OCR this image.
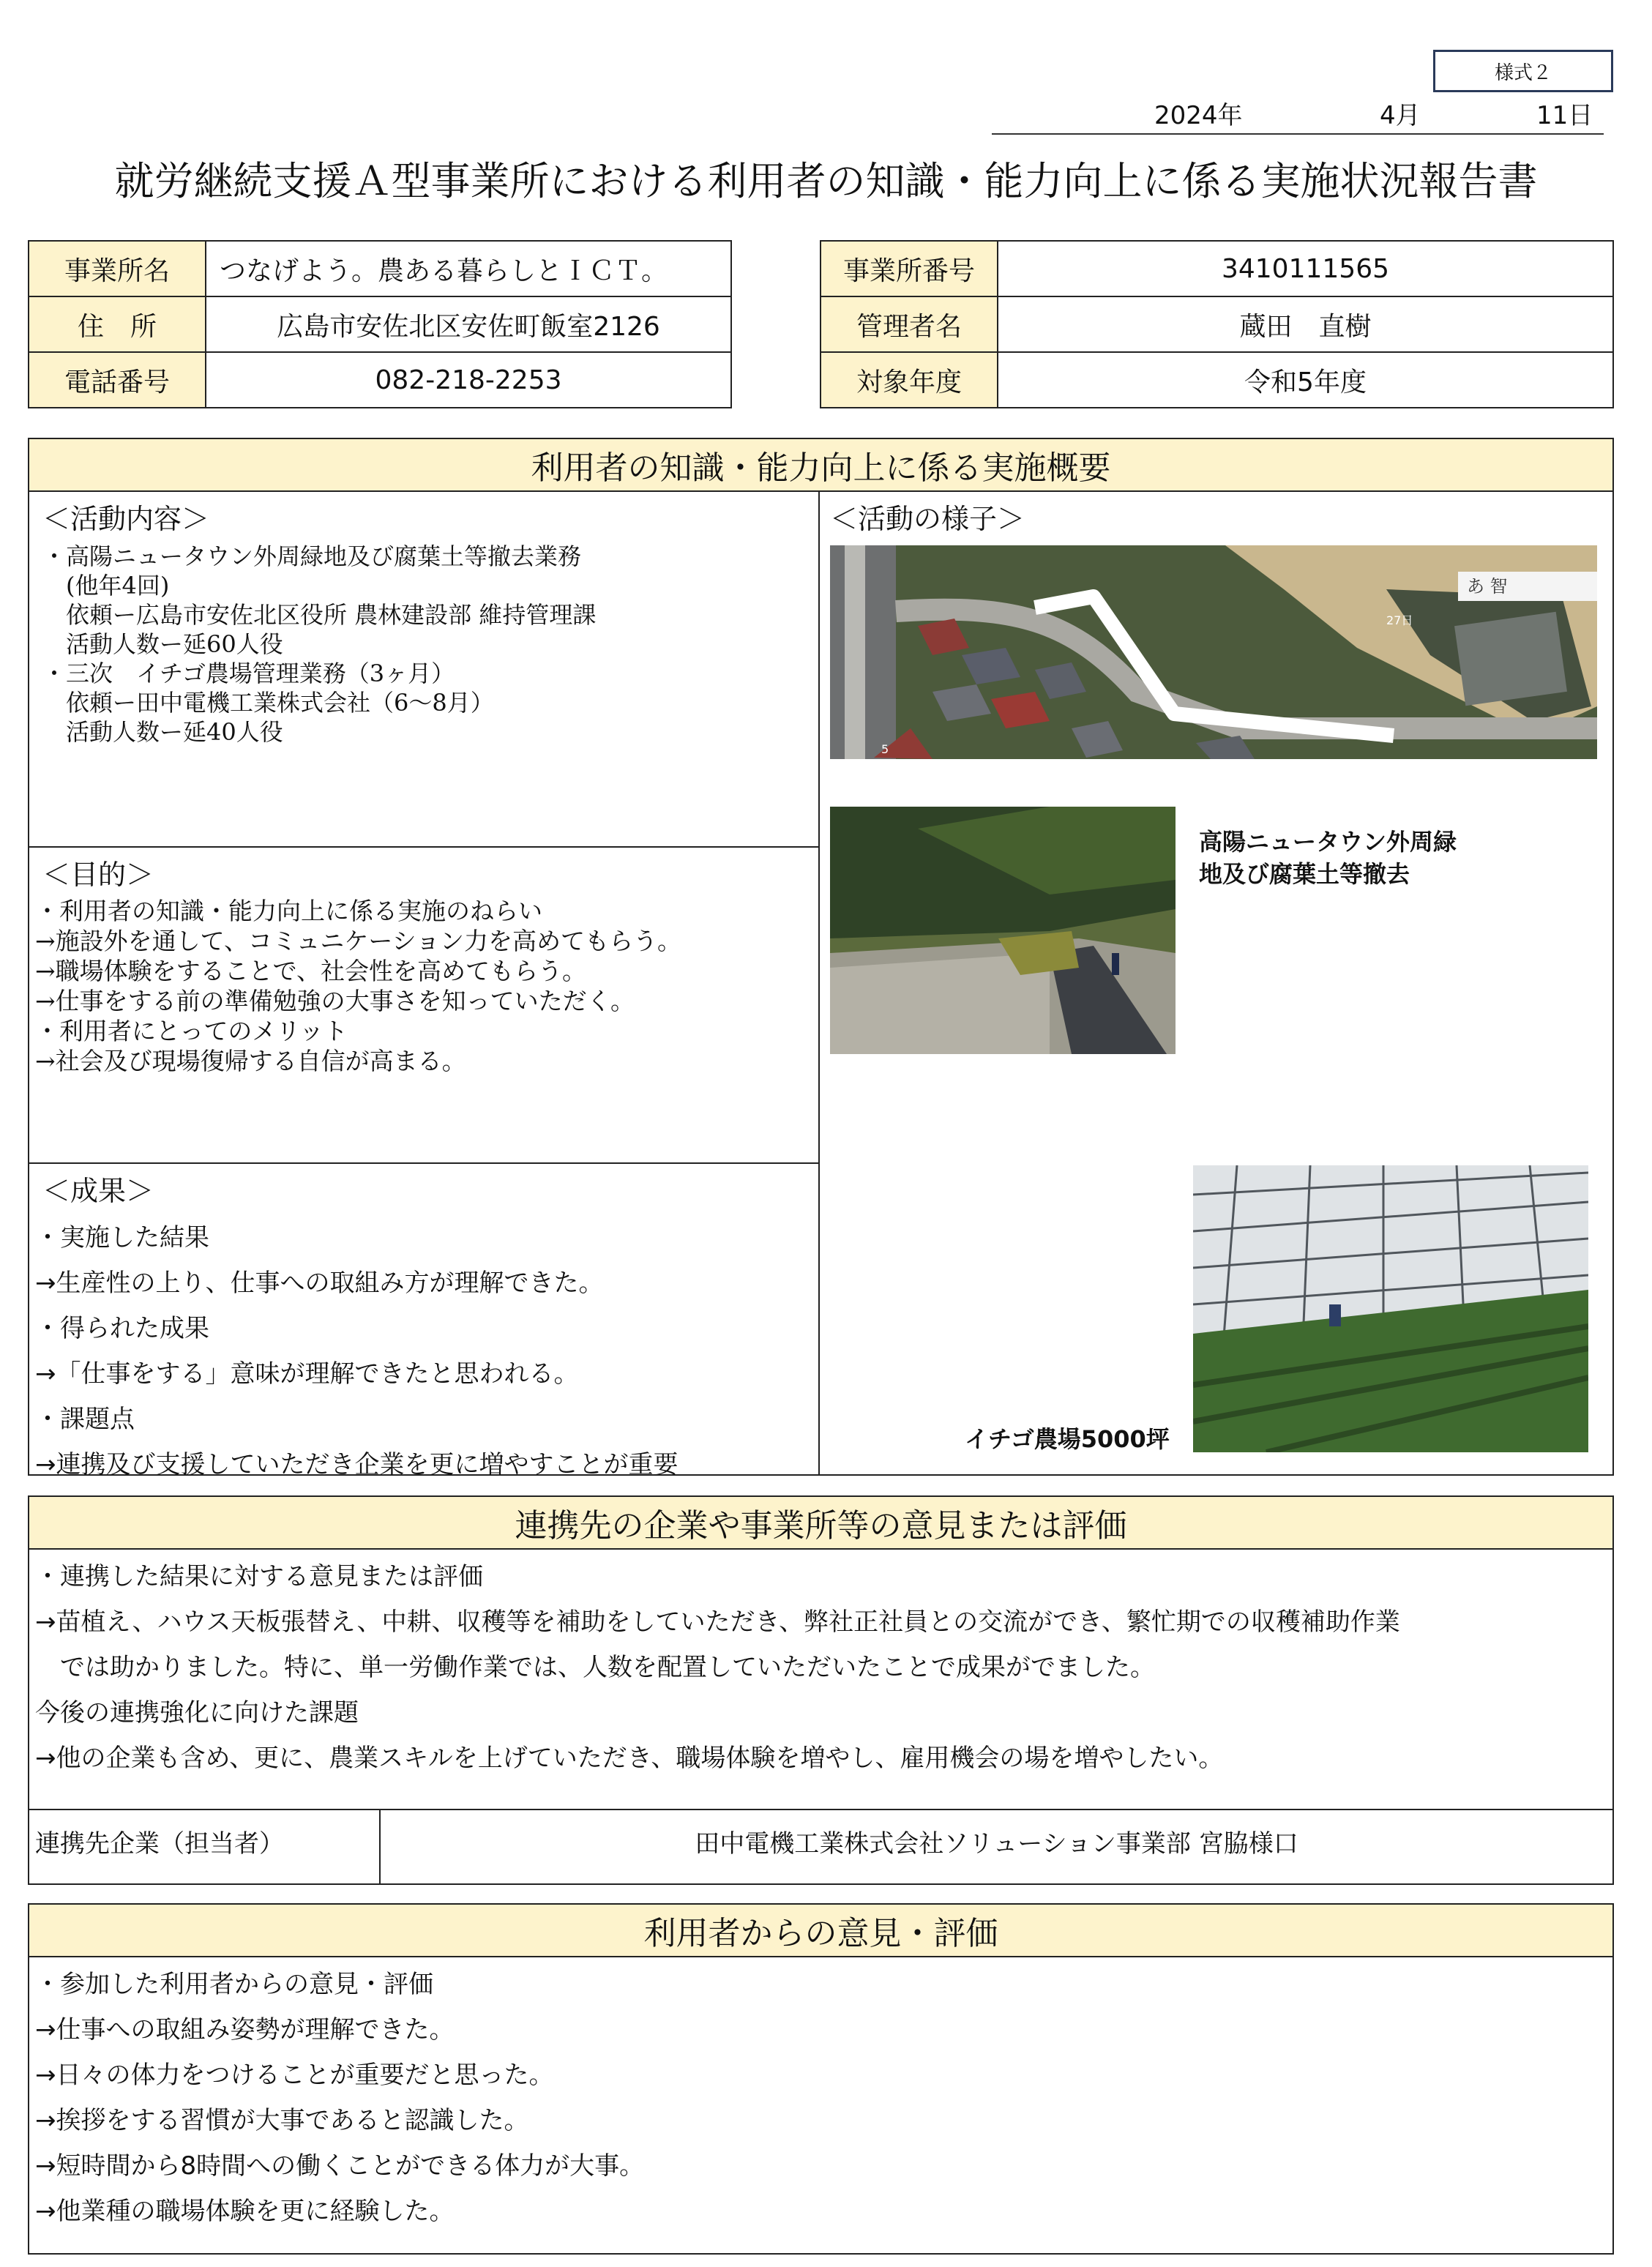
様式２
2024年	4月	11日
就労継続支援Ａ型事業所における利用者の知識・能力向上に係る実施状況報告書
事業所名	つなげよう。農ある暮らしとＩＣＴ。
住　所	広島市安佐北区安佐町飯室2126
電話番号	082-218-2253
事業所番号	3410111565
管理者名	蔵田　直樹
対象年度	令和5年度
利用者の知識・能力向上に係る実施概要
＜活動内容＞
・高陽ニュータウン外周緑地及び腐葉土等撤去業務
　(他年4回)
　依頼ー広島市安佐北区役所 農林建設部 維持管理課
　活動人数ー延60人役
・三次　イチゴ農場管理業務（3ヶ月）
　依頼ー田中電機工業株式会社（6〜8月）
　活動人数ー延40人役
＜目的＞
・利用者の知識・能力向上に係る実施のねらい
→施設外を通して、コミュニケーション力を高めてもらう。
→職場体験をすることで、社会性を高めてもらう。
→仕事をする前の準備勉強の大事さを知っていただく。
・利用者にとってのメリット
→社会及び現場復帰する自信が高まる。
＜成果＞
・実施した結果
→生産性の上り、仕事への取組み方が理解できた。
・得られた成果
→「仕事をする」意味が理解できたと思われる。
・課題点
→連携及び支援していただき企業を更に増やすことが重要
＜活動の様子＞
あ 智
27日
5
高陽ニュータウン外周緑
地及び腐葉土等撤去
イチゴ農場5000坪
連携先の企業や事業所等の意見または評価
・連携した結果に対する意見または評価
→苗植え、ハウス天板張替え、中耕、収穫等を補助をしていただき、弊社正社員との交流ができ、繁忙期での収穫補助作業
　では助かりました。特に、単一労働作業では、人数を配置していただいたことで成果がでました。
今後の連携強化に向けた課題
→他の企業も含め、更に、農業スキルを上げていただき、職場体験を増やし、雇用機会の場を増やしたい。
連携先企業（担当者）	田中電機工業株式会社ソリューション事業部 宮脇様口
利用者からの意見・評価
・参加した利用者からの意見・評価
→仕事への取組み姿勢が理解できた。
→日々の体力をつけることが重要だと思った。
→挨拶をする習慣が大事であると認識した。
→短時間から8時間への働くことができる体力が大事。
→他業種の職場体験を更に経験した。
